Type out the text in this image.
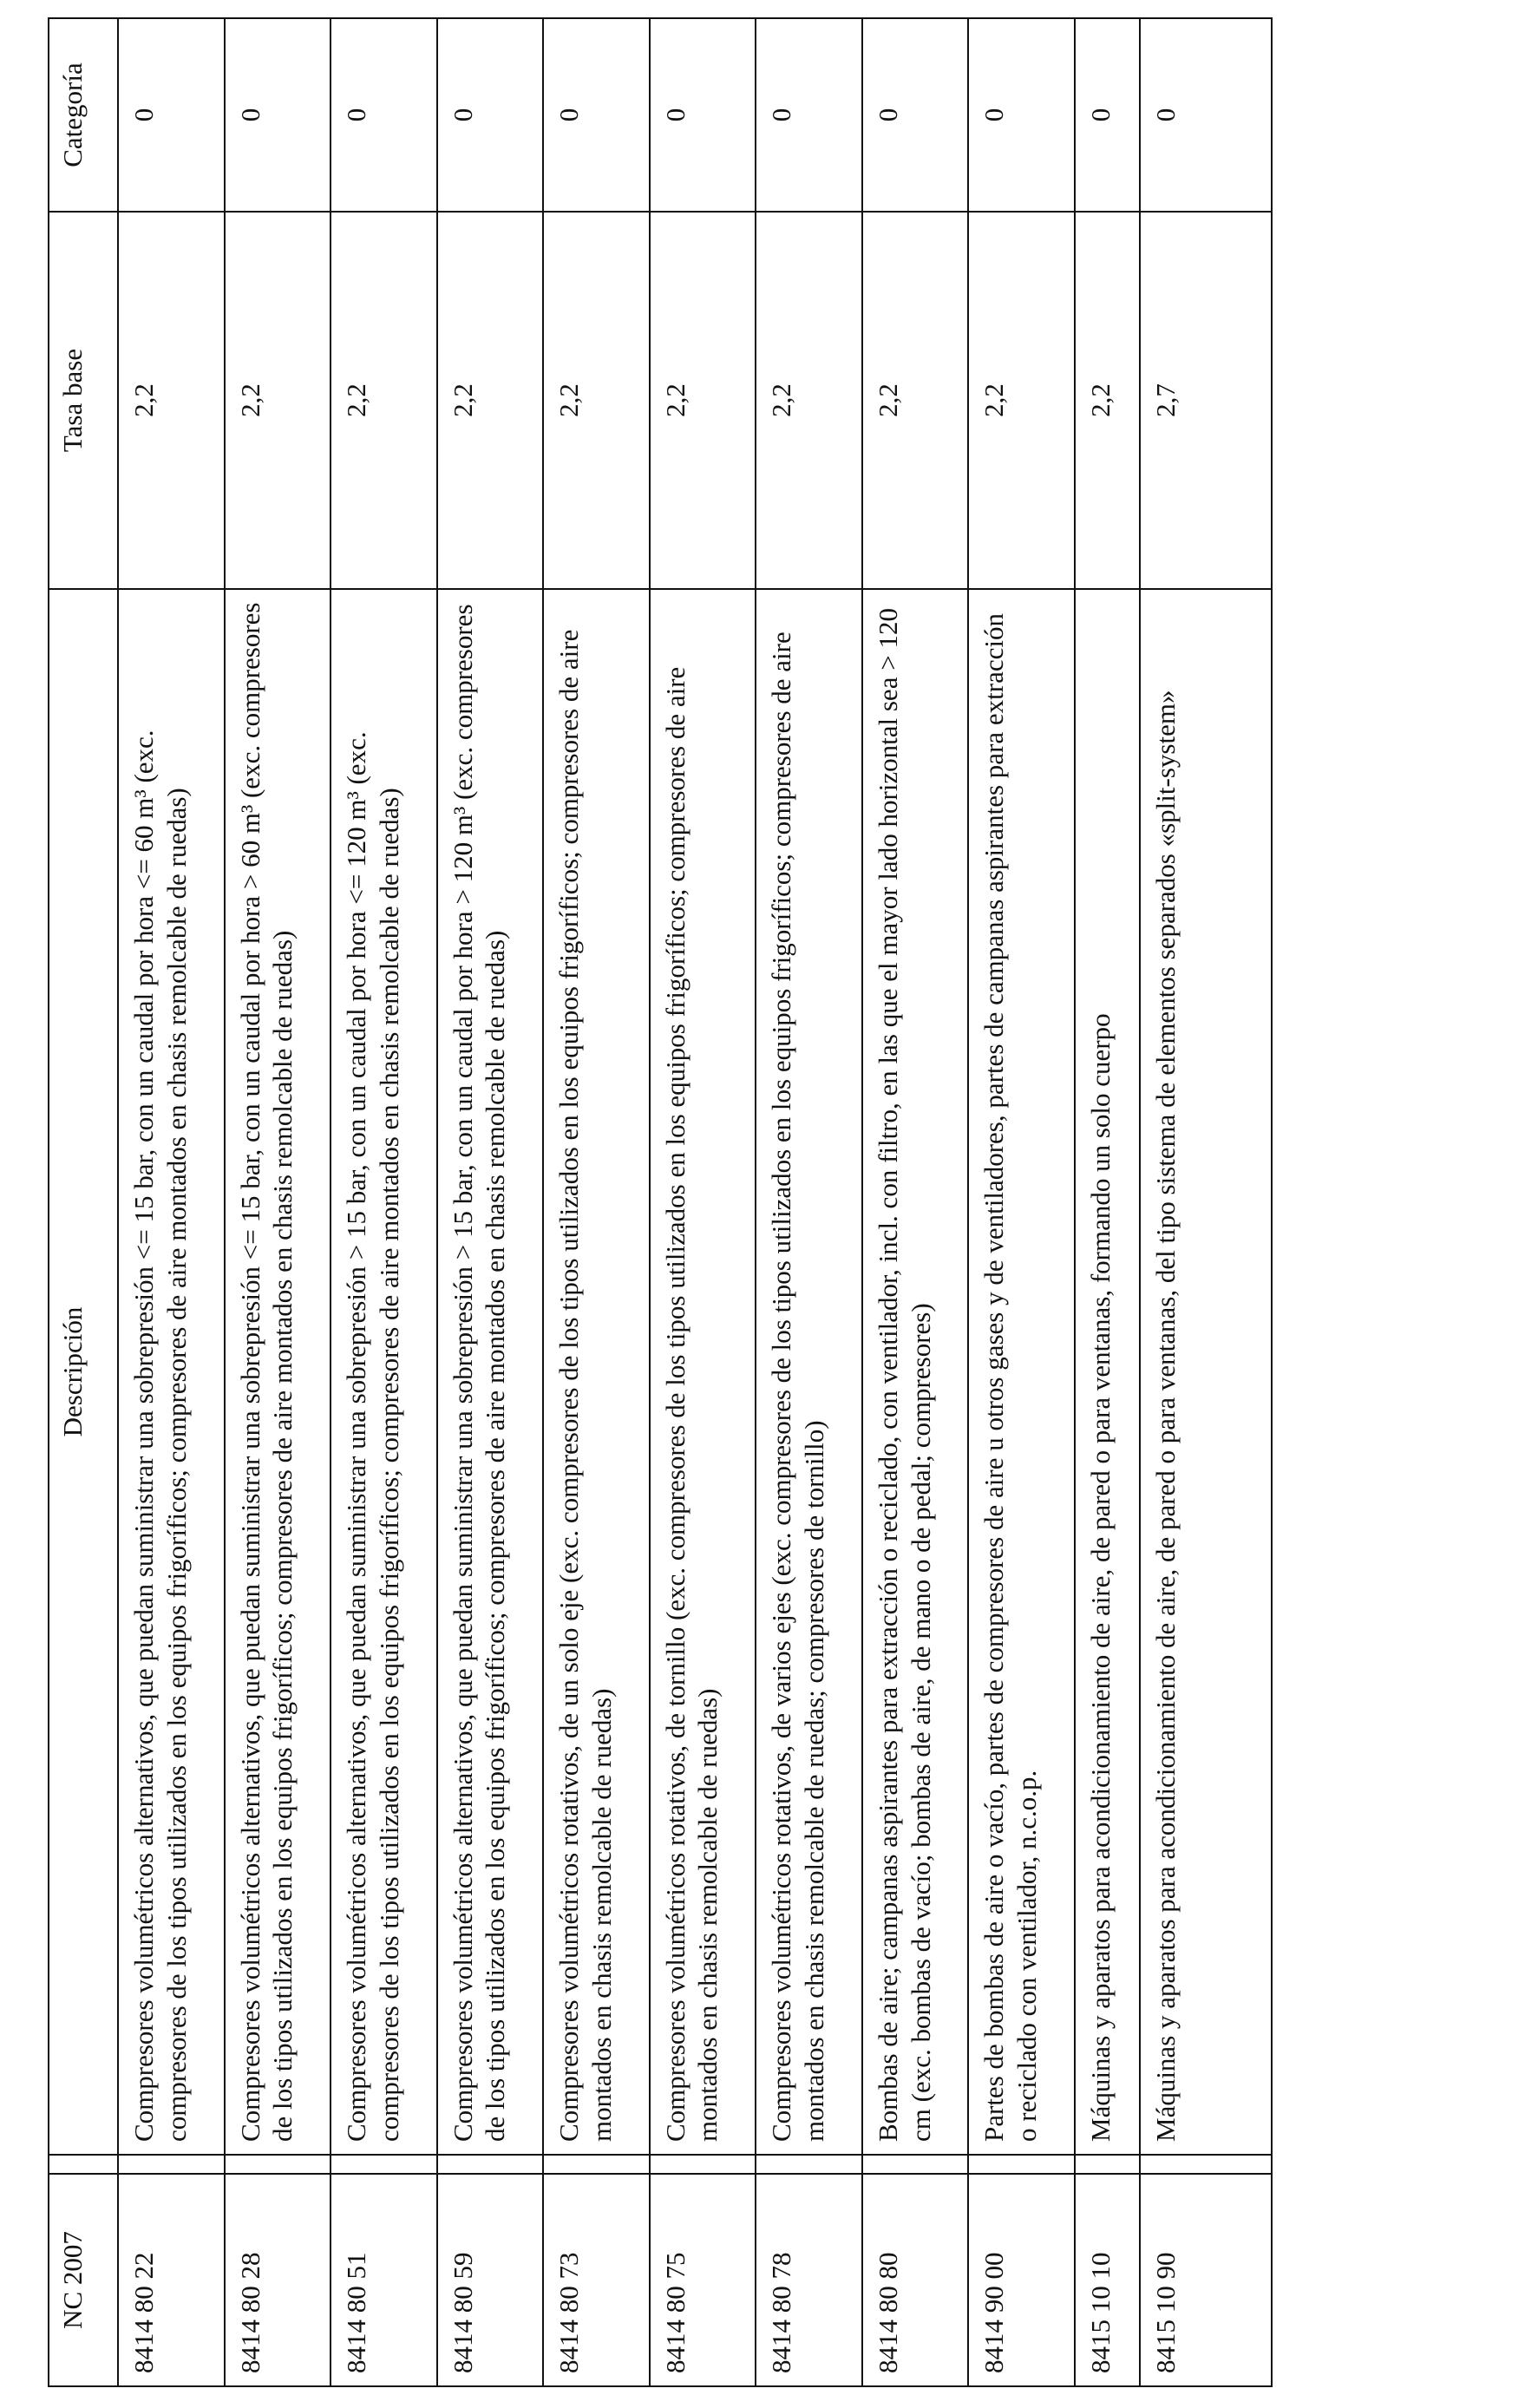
NC 2007		Descripción	Tasa base	Categoría
8414 80 22		Compresores volumétricos alternativos, que puedan suministrar una sobrepresión <= 15 bar, con un caudal por hora <= 60 m³ (exc. compresores de los tipos utilizados en los equipos frigoríficos; compresores de aire montados en chasis remolcable de ruedas)	2,2	0
8414 80 28		Compresores volumétricos alternativos, que puedan suministrar una sobrepresión <= 15 bar, con un caudal por hora > 60 m³ (exc. compresores de los tipos utilizados en los equipos frigoríficos; compresores de aire montados en chasis remolcable de ruedas)	2,2	0
8414 80 51		Compresores volumétricos alternativos, que puedan suministrar una sobrepresión > 15 bar, con un caudal por hora <= 120 m³ (exc. compresores de los tipos utilizados en los equipos frigoríficos; compresores de aire montados en chasis remolcable de ruedas)	2,2	0
8414 80 59		Compresores volumétricos alternativos, que puedan suministrar una sobrepresión > 15 bar, con un caudal por hora > 120 m³ (exc. compresores de los tipos utilizados en los equipos frigoríficos; compresores de aire montados en chasis remolcable de ruedas)	2,2	0
8414 80 73		Compresores volumétricos rotativos, de un solo eje (exc. compresores de los tipos utilizados en los equipos frigoríficos; compresores de aire montados en chasis remolcable de ruedas)	2,2	0
8414 80 75		Compresores volumétricos rotativos, de tornillo (exc. compresores de los tipos utilizados en los equipos frigoríficos; compresores de aire montados en chasis remolcable de ruedas)	2,2	0
8414 80 78		Compresores volumétricos rotativos, de varios ejes (exc. compresores de los tipos utilizados en los equipos frigoríficos; compresores de aire montados en chasis remolcable de ruedas; compresores de tornillo)	2,2	0
8414 80 80		Bombas de aire; campanas aspirantes para extracción o reciclado, con ventilador, incl. con filtro, en las que el mayor lado horizontal sea > 120 cm (exc. bombas de vacío; bombas de aire, de mano o de pedal; compresores)	2,2	0
8414 90 00		Partes de bombas de aire o vacío, partes de compresores de aire u otros gases y de ventiladores, partes de campanas aspirantes para extracción o reciclado con ventilador, n.c.o.p.	2,2	0
8415 10 10		Máquinas y aparatos para acondicionamiento de aire, de pared o para ventanas, formando un solo cuerpo	2,2	0
8415 10 90		Máquinas y aparatos para acondicionamiento de aire, de pared o para ventanas, del tipo sistema de elementos separados «split-system»	2,7	0
